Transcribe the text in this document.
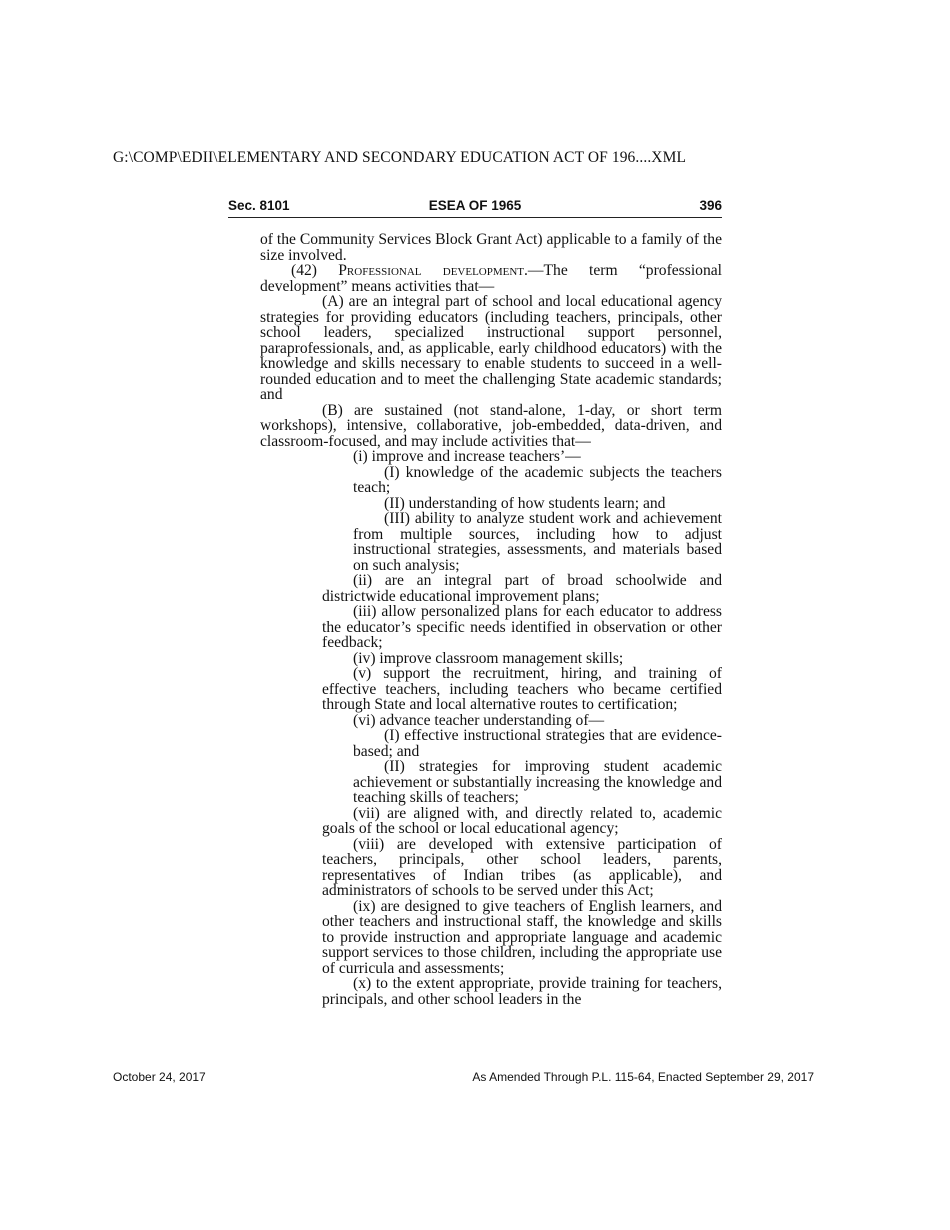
G:\COMP\EDII\ELEMENTARY AND SECONDARY EDUCATION ACT OF 196....XML
ESEA OF 1965
Sec. 8101	396

of the Community Services Block Grant Act) applicable to a family of the size involved.

(42) Professional development.—The term “professional development” means activities that—

(A) are an integral part of school and local educational agency strategies for providing educators (including teachers, principals, other school leaders, specialized instructional support personnel, paraprofessionals, and, as applicable, early childhood educators) with the knowledge and skills necessary to enable students to succeed in a well-rounded education and to meet the challenging State academic standards; and

(B) are sustained (not stand-alone, 1-day, or short term workshops), intensive, collaborative, job-embedded, data-driven, and classroom-focused, and may include activities that—

(i) improve and increase teachers’—

(I) knowledge of the academic subjects the teachers teach;

(II) understanding of how students learn; and

(III) ability to analyze student work and achievement from multiple sources, including how to adjust instructional strategies, assessments, and materials based on such analysis;

(ii) are an integral part of broad schoolwide and districtwide educational improvement plans;

(iii) allow personalized plans for each educator to address the educator’s specific needs identified in observation or other feedback;

(iv) improve classroom management skills;

(v) support the recruitment, hiring, and training of effective teachers, including teachers who became certified through State and local alternative routes to certification;

(vi) advance teacher understanding of—

(I) effective instructional strategies that are evidence-based; and

(II) strategies for improving student academic achievement or substantially increasing the knowledge and teaching skills of teachers;

(vii) are aligned with, and directly related to, academic goals of the school or local educational agency;

(viii) are developed with extensive participation of teachers, principals, other school leaders, parents, representatives of Indian tribes (as applicable), and administrators of schools to be served under this Act;

(ix) are designed to give teachers of English learners, and other teachers and instructional staff, the knowledge and skills to provide instruction and appropriate language and academic support services to those children, including the appropriate use of curricula and assessments;

(x) to the extent appropriate, provide training for teachers, principals, and other school leaders in the

October 24, 2017	As Amended Through P.L. 115-64, Enacted September 29, 2017
